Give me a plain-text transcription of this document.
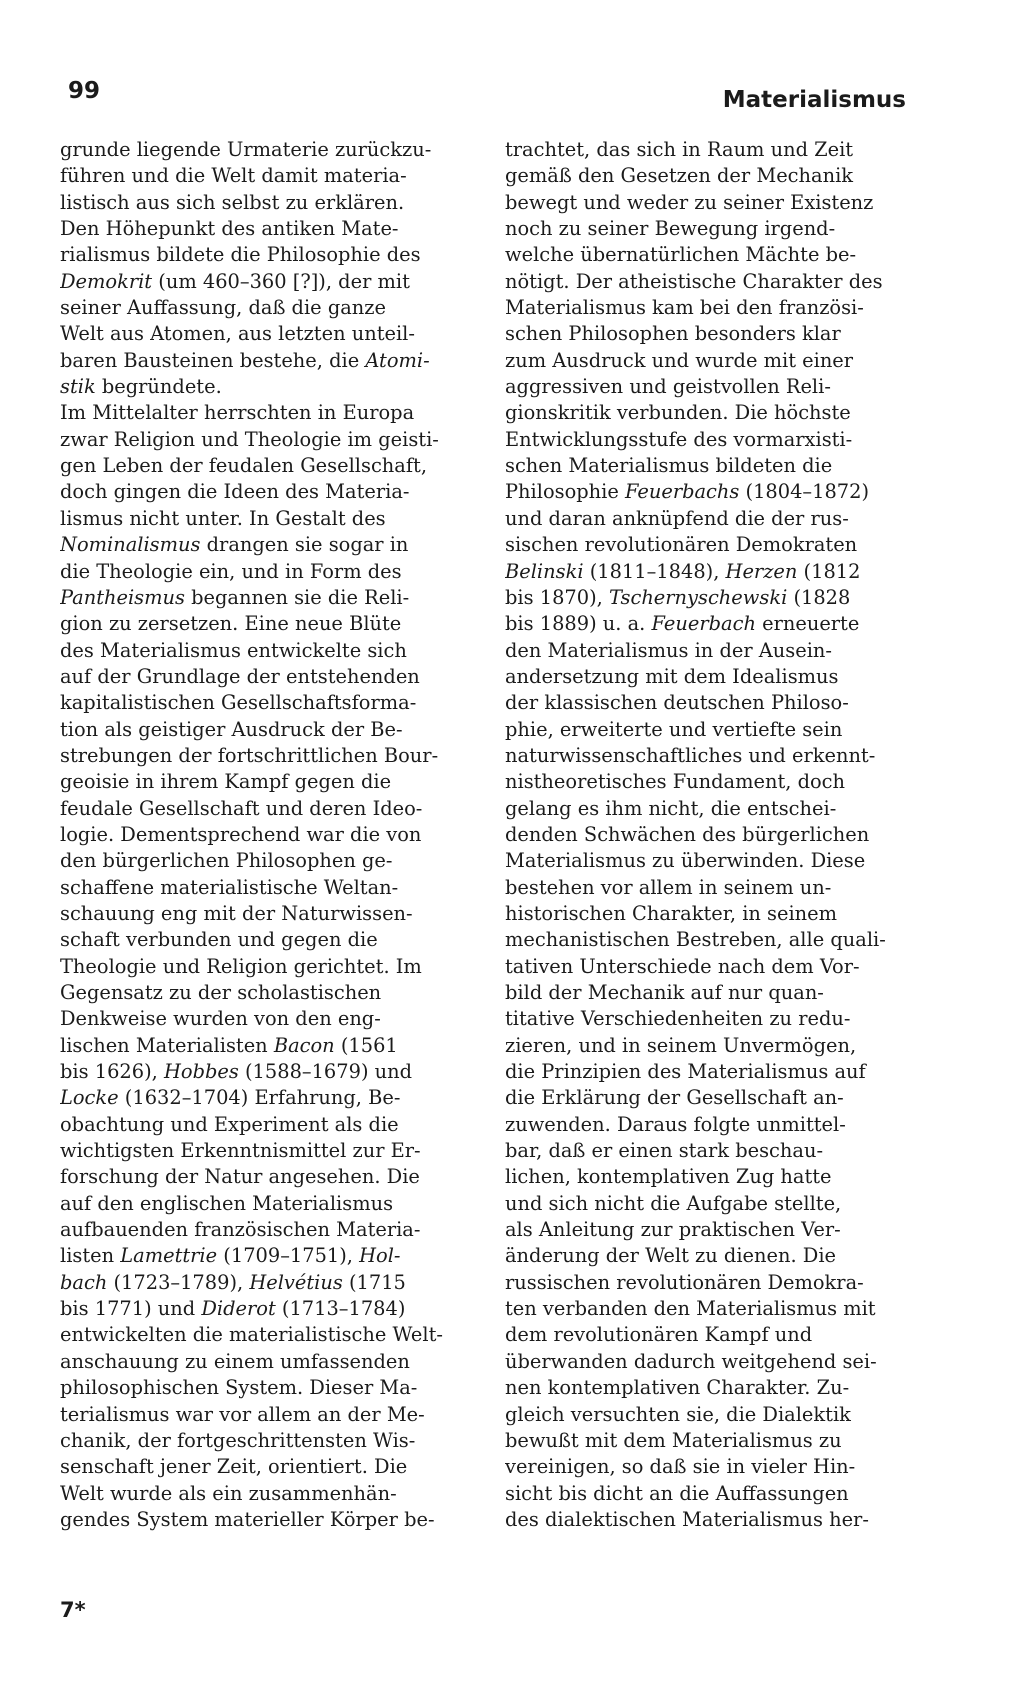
99	Materialismus
grunde liegende Urmaterie zurückzu-
führen und die Welt damit materia-
listisch aus sich selbst zu erklären.
Den Höhepunkt des antiken Mate-
rialismus bildete die Philosophie des
Demokrit (um 460–360 [?]), der mit
seiner Auffassung, daß die ganze
Welt aus Atomen, aus letzten unteil-
baren Bausteinen bestehe, die Atomi-
stik begründete.
Im Mittelalter herrschten in Europa
zwar Religion und Theologie im geisti-
gen Leben der feudalen Gesellschaft,
doch gingen die Ideen des Materia-
lismus nicht unter. In Gestalt des
Nominalismus drangen sie sogar in
die Theologie ein, und in Form des
Pantheismus begannen sie die Reli-
gion zu zersetzen. Eine neue Blüte
des Materialismus entwickelte sich
auf der Grundlage der entstehenden
kapitalistischen Gesellschaftsforma-
tion als geistiger Ausdruck der Be-
strebungen der fortschrittlichen Bour-
geoisie in ihrem Kampf gegen die
feudale Gesellschaft und deren Ideo-
logie. Dementsprechend war die von
den bürgerlichen Philosophen ge-
schaffene materialistische Weltan-
schauung eng mit der Naturwissen-
schaft verbunden und gegen die
Theologie und Religion gerichtet. Im
Gegensatz zu der scholastischen
Denkweise wurden von den eng-
lischen Materialisten Bacon (1561
bis 1626), Hobbes (1588–1679) und
Locke (1632–1704) Erfahrung, Be-
obachtung und Experiment als die
wichtigsten Erkenntnismittel zur Er-
forschung der Natur angesehen. Die
auf den englischen Materialismus
aufbauenden französischen Materia-
listen Lamettrie (1709–1751), Hol-
bach (1723–1789), Helvétius (1715
bis 1771) und Diderot (1713–1784)
entwickelten die materialistische Welt-
anschauung zu einem umfassenden
philosophischen System. Dieser Ma-
terialismus war vor allem an der Me-
chanik, der fortgeschrittensten Wis-
senschaft jener Zeit, orientiert. Die
Welt wurde als ein zusammenhän-
gendes System materieller Körper be-
trachtet, das sich in Raum und Zeit
gemäß den Gesetzen der Mechanik
bewegt und weder zu seiner Existenz
noch zu seiner Bewegung irgend-
welche übernatürlichen Mächte be-
nötigt. Der atheistische Charakter des
Materialismus kam bei den französi-
schen Philosophen besonders klar
zum Ausdruck und wurde mit einer
aggressiven und geistvollen Reli-
gionskritik verbunden. Die höchste
Entwicklungsstufe des vormarxisti-
schen Materialismus bildeten die
Philosophie Feuerbachs (1804–1872)
und daran anknüpfend die der rus-
sischen revolutionären Demokraten
Belinski (1811–1848), Herzen (1812
bis 1870), Tschernyschewski (1828
bis 1889) u. a. Feuerbach erneuerte
den Materialismus in der Ausein-
andersetzung mit dem Idealismus
der klassischen deutschen Philoso-
phie, erweiterte und vertiefte sein
naturwissenschaftliches und erkennt-
nistheoretisches Fundament, doch
gelang es ihm nicht, die entschei-
denden Schwächen des bürgerlichen
Materialismus zu überwinden. Diese
bestehen vor allem in seinem un-
historischen Charakter, in seinem
mechanistischen Bestreben, alle quali-
tativen Unterschiede nach dem Vor-
bild der Mechanik auf nur quan-
titative Verschiedenheiten zu redu-
zieren, und in seinem Unvermögen,
die Prinzipien des Materialismus auf
die Erklärung der Gesellschaft an-
zuwenden. Daraus folgte unmittel-
bar, daß er einen stark beschau-
lichen, kontemplativen Zug hatte
und sich nicht die Aufgabe stellte,
als Anleitung zur praktischen Ver-
änderung der Welt zu dienen. Die
russischen revolutionären Demokra-
ten verbanden den Materialismus mit
dem revolutionären Kampf und
überwanden dadurch weitgehend sei-
nen kontemplativen Charakter. Zu-
gleich versuchten sie, die Dialektik
bewußt mit dem Materialismus zu
vereinigen, so daß sie in vieler Hin-
sicht bis dicht an die Auffassungen
des dialektischen Materialismus her-
7*
